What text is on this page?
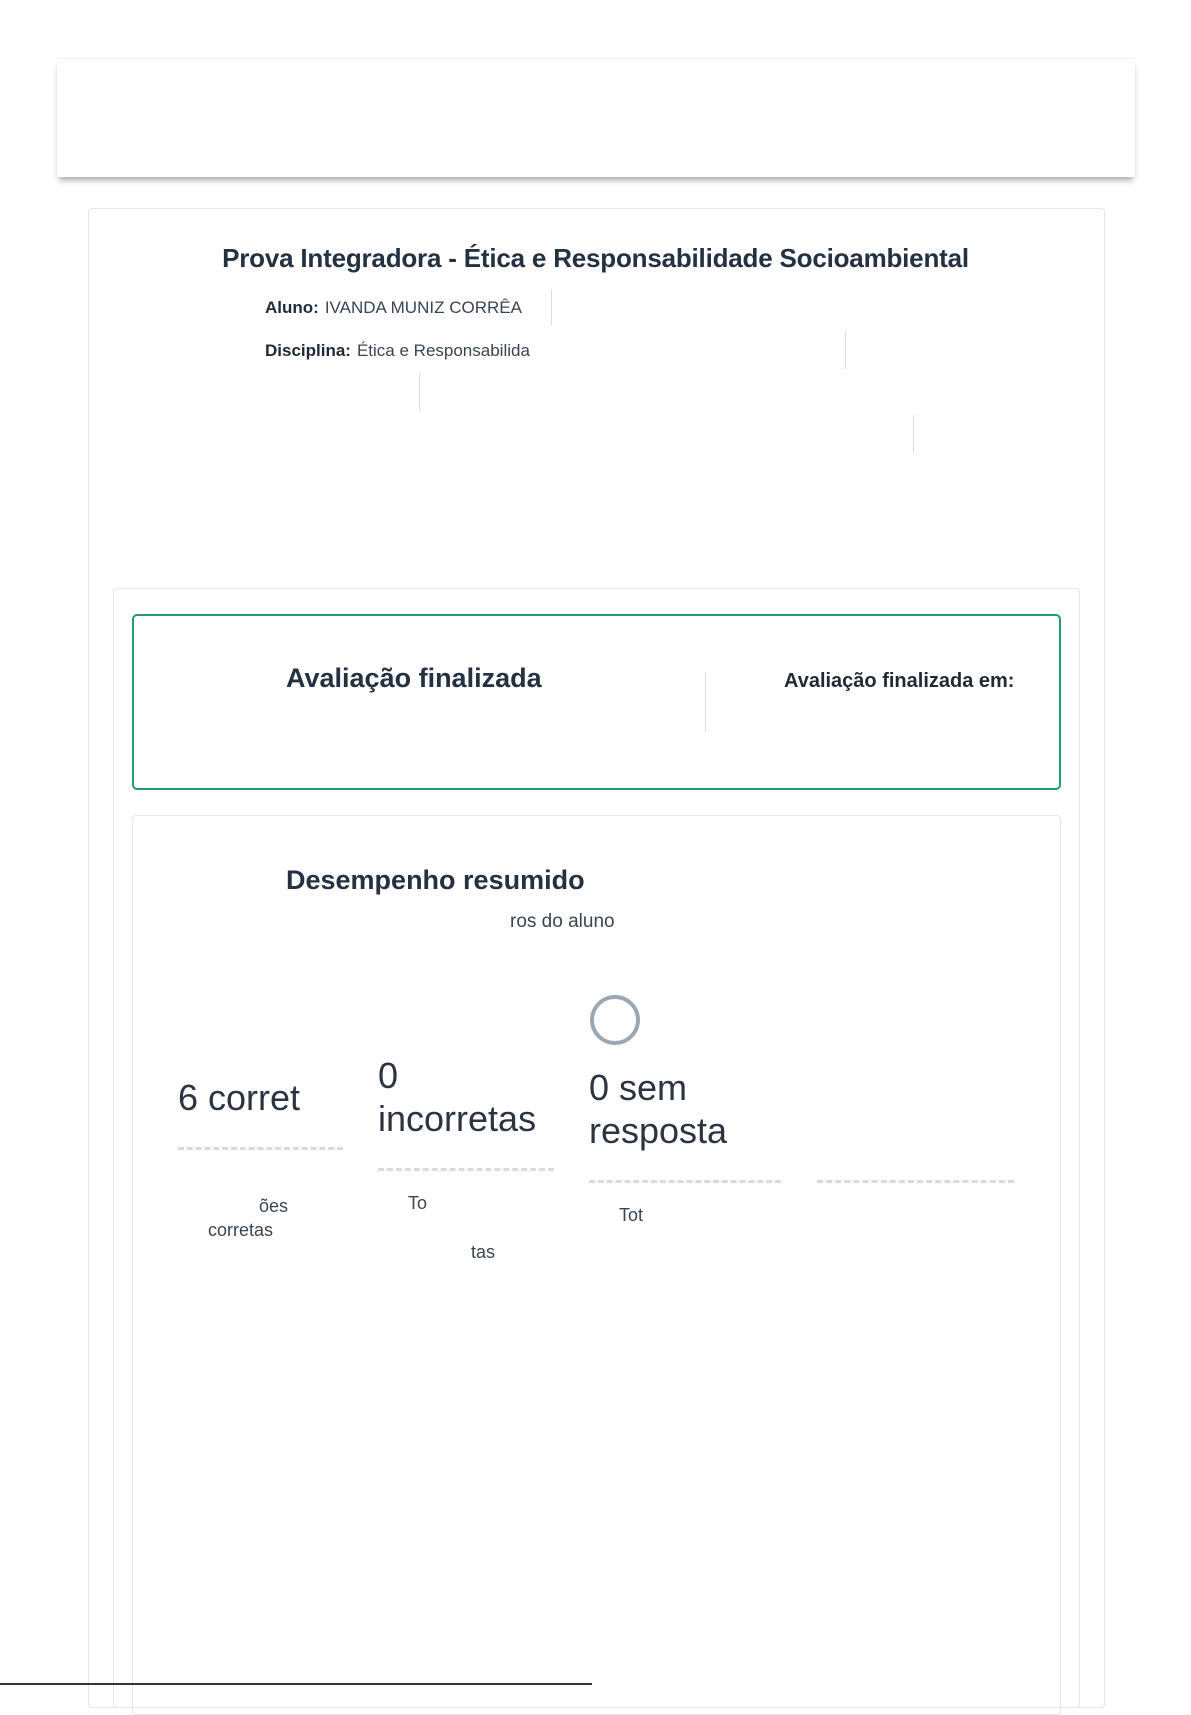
Prova Integradora - Ética e Responsabilidade Socioambiental
Aluno: IVANDA MUNIZ CORRÊA
Disciplina: Ética e Responsabilida
Avaliação finalizada	Avaliação finalizada em:
Desempenho resumido
ros do aluno
6 corret
ões
corretas
0
incorretas
To
tas
0 sem
resposta
Tot
